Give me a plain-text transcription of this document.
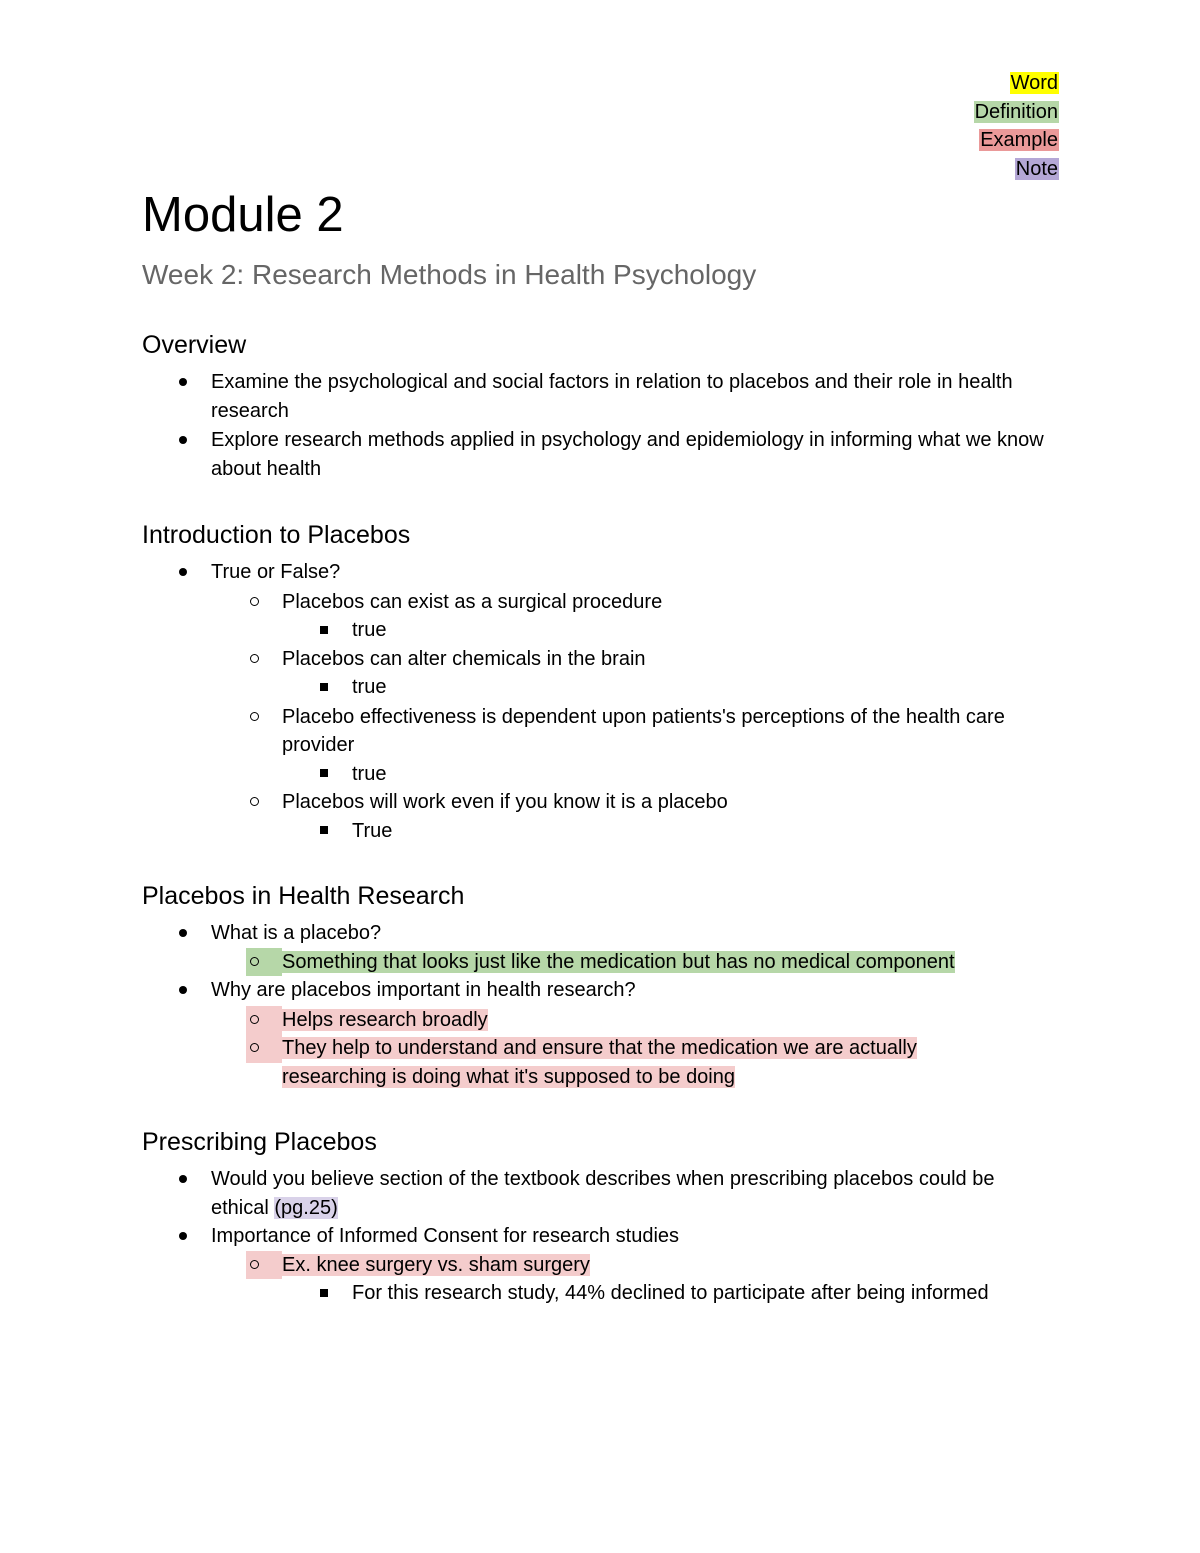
Word
Definition
Example
Note
Module 2
Week 2: Research Methods in Health Psychology
Overview
Examine the psychological and social factors in relation to placebos and their role in health research
Explore research methods applied in psychology and epidemiology in informing what we know about health
Introduction to Placebos
True or False?
Placebos can exist as a surgical procedure
true
Placebos can alter chemicals in the brain
true
Placebo effectiveness is dependent upon patients's perceptions of the health care provider
true
Placebos will work even if you know it is a placebo
True
Placebos in Health Research
What is a placebo?
Something that looks just like the medication but has no medical component
Why are placebos important in health research?
Helps research broadly
They help to understand and ensure that the medication we are actually
researching is doing what it's supposed to be doing
Prescribing Placebos
Would you believe section of the textbook describes when prescribing placebos could be
ethical (pg.25)
Importance of Informed Consent for research studies
Ex. knee surgery vs. sham surgery
For this research study, 44% declined to participate after being informed
